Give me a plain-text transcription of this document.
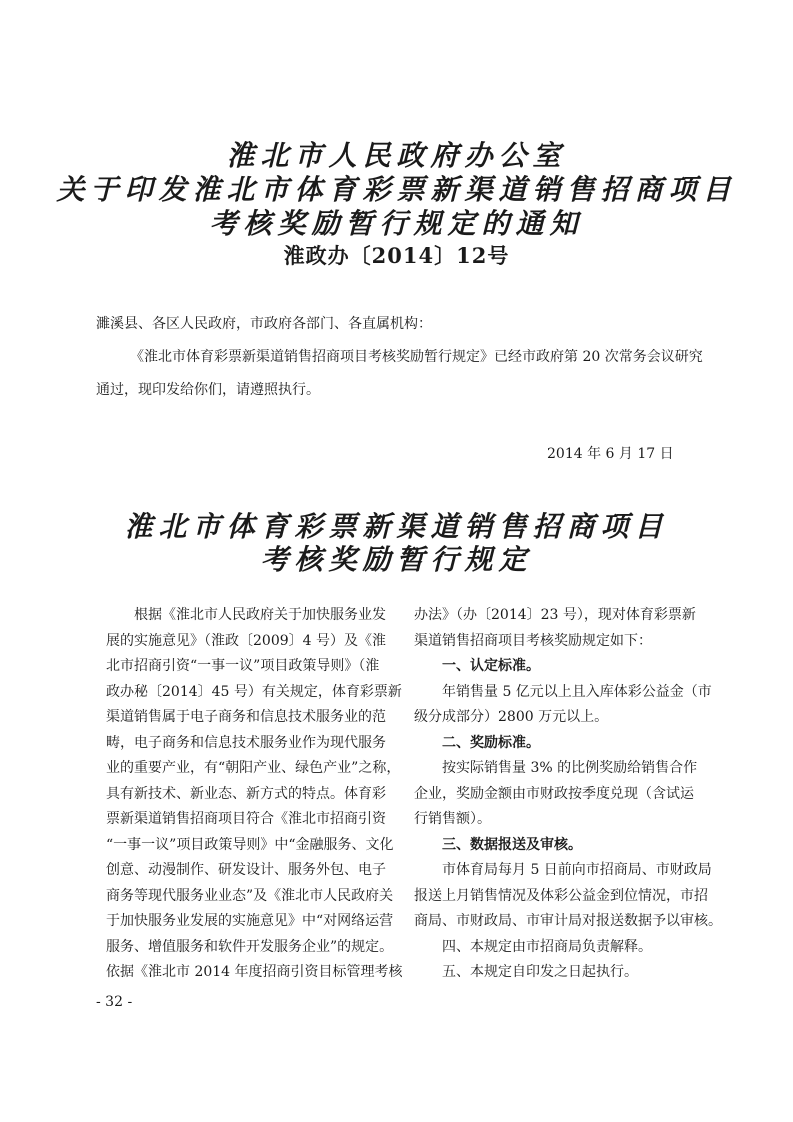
淮北市人民政府办公室
关于印发淮北市体育彩票新渠道销售招商项目
考核奖励暂行规定的通知
淮政办〔2014〕12号
濉溪县、各区人民政府，市政府各部门、各直属机构：
《淮北市体育彩票新渠道销售招商项目考核奖励暂行规定》已经市政府第 20 次常务会议研究
通过，现印发给你们，请遵照执行。
2014 年 6 月 17 日
淮北市体育彩票新渠道销售招商项目
考核奖励暂行规定

根据《淮北市人民政府关于加快服务业发

展的实施意见》（淮政〔2009〕4 号）及《淮

北市招商引资“一事一议”项目政策导则》（淮

政办秘〔2014〕45 号）有关规定，体育彩票新

渠道销售属于电子商务和信息技术服务业的范

畴，电子商务和信息技术服务业作为现代服务

业的重要产业，有“朝阳产业、绿色产业”之称，

具有新技术、新业态、新方式的特点。体育彩

票新渠道销售招商项目符合《淮北市招商引资

“一事一议”项目政策导则》中“金融服务、文化

创意、动漫制作、研发设计、服务外包、电子

商务等现代服务业业态”及《淮北市人民政府关

于加快服务业发展的实施意见》中“对网络运营

服务、增值服务和软件开发服务企业”的规定。

依据《淮北市 2014 年度招商引资目标管理考核

办法》（办〔2014〕23 号），现对体育彩票新

渠道销售招商项目考核奖励规定如下：

一、认定标准。

年销售量 5 亿元以上且入库体彩公益金（市

级分成部分）2800 万元以上。

二、奖励标准。

按实际销售量 3% 的比例奖励给销售合作

企业，奖励金额由市财政按季度兑现（含试运

行销售额）。

三、数据报送及审核。

市体育局每月 5 日前向市招商局、市财政局

报送上月销售情况及体彩公益金到位情况，市招

商局、市财政局、市审计局对报送数据予以审核。

四、本规定由市招商局负责解释。

五、本规定自印发之日起执行。

- 32 -
